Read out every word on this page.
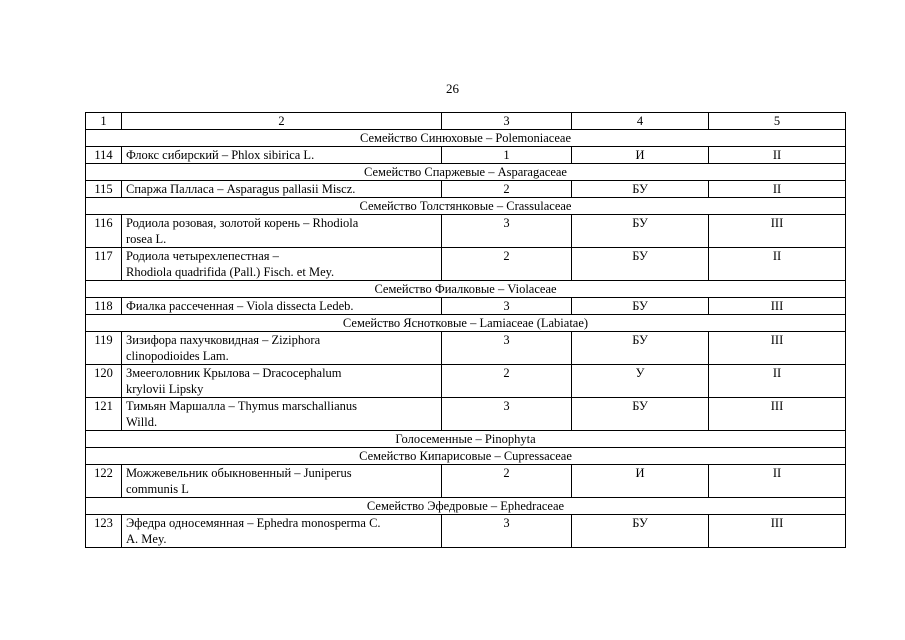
26
1	2	3	4	5
Семейство Синюховые – Polemoniaceae				
114	Флокс сибирский – Phlox sibirica L.	1	И	II
Семейство Спаржевые – Asparagaceae				
115	Спаржа Палласа – Asparagus pallasii Miscz.	2	БУ	II
Семейство Толстянковые – Crassulaceae				
116	Родиола розовая, золотой корень – Rhodiola
rosea L.	3	БУ	III
117	Родиола четырехлепестная –
Rhodiola quadrifida (Pall.) Fisch. et Mey.	2	БУ	II
Семейство Фиалковые – Violaceae				
118	Фиалка рассеченная – Viola dissecta Ledeb.	3	БУ	III
Семейство Яснотковые – Lamiaceae (Labiatae)				
119	Зизифора пахучковидная – Ziziphora
clinopodioides Lam.	3	БУ	III
120	Змееголовник Крылова – Dracocephalum
krylovii Lipsky	2	У	II
121	Тимьян Маршалла – Thymus marschallianus
Willd.	3	БУ	III
Голосеменные – Pinophyta				
Семейство Кипарисовые – Cupressaceae				
122	Можжевельник обыкновенный – Juniperus
communis L	2	И	II
Семейство Эфедровые – Ephedraceae				
123	Эфедра односемянная – Ephedra monosperma C.
A. Mey.	3	БУ	III
